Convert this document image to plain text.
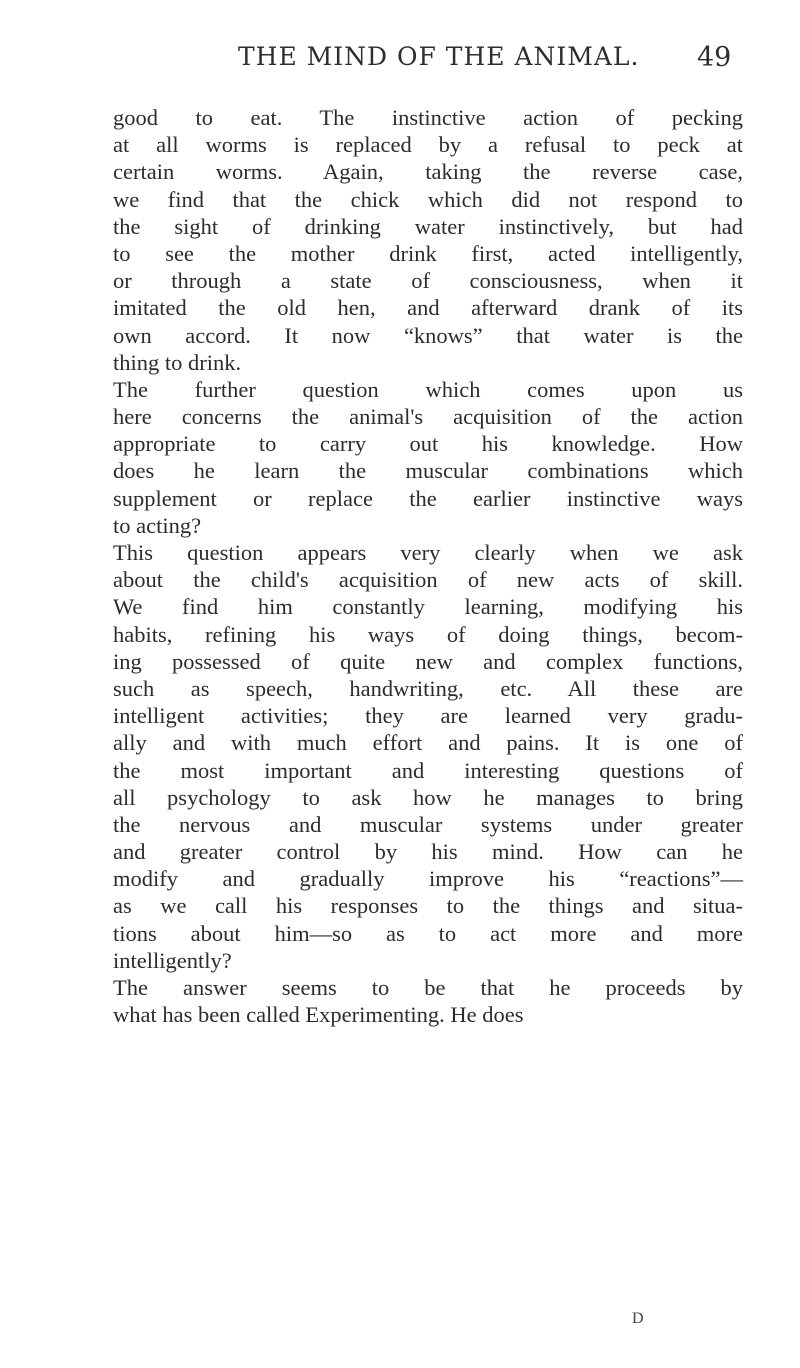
THE MIND OF THE ANIMAL. 49
good to eat. The instinctive action of pecking
at all worms is replaced by a refusal to peck at
certain worms. Again, taking the reverse case,
we find that the chick which did not respond to
the sight of drinking water instinctively, but had
to see the mother drink first, acted intelligently,
or through a state of consciousness, when it
imitated the old hen, and afterward drank of its
own accord. It now “knows” that water is the
thing to drink.
The further question which comes upon us
here concerns the animal's acquisition of the action
appropriate to carry out his knowledge. How
does he learn the muscular combinations which
supplement or replace the earlier instinctive ways
to acting?
This question appears very clearly when we ask
about the child's acquisition of new acts of skill.
We find him constantly learning, modifying his
habits, refining his ways of doing things, becom-
ing possessed of quite new and complex functions,
such as speech, handwriting, etc. All these are
intelligent activities; they are learned very gradu-
ally and with much effort and pains. It is one of
the most important and interesting questions of
all psychology to ask how he manages to bring
the nervous and muscular systems under greater
and greater control by his mind. How can he
modify and gradually improve his “reactions”—
as we call his responses to the things and situa-
tions about him—so as to act more and more
intelligently?
The answer seems to be that he proceeds by
what has been called Experimenting. He does
D
